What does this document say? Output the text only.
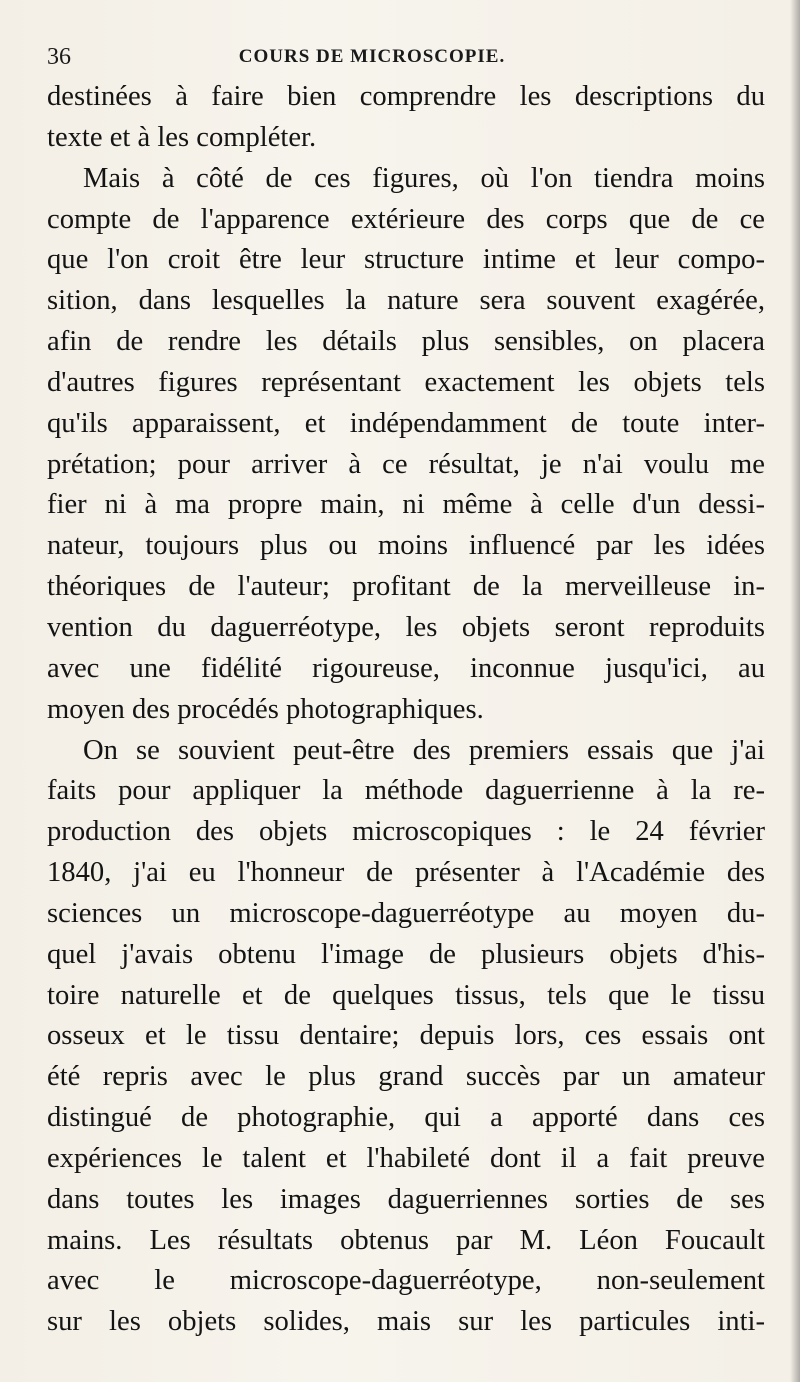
36	COURS DE MICROSCOPIE.
destinées à faire bien comprendre les descriptions du
texte et à les compléter.
Mais à côté de ces figures, où l'on tiendra moins
compte de l'apparence extérieure des corps que de ce
que l'on croit être leur structure intime et leur compo-
sition, dans lesquelles la nature sera souvent exagérée,
afin de rendre les détails plus sensibles, on placera
d'autres figures représentant exactement les objets tels
qu'ils apparaissent, et indépendamment de toute inter-
prétation; pour arriver à ce résultat, je n'ai voulu me
fier ni à ma propre main, ni même à celle d'un dessi-
nateur, toujours plus ou moins influencé par les idées
théoriques de l'auteur; profitant de la merveilleuse in-
vention du daguerréotype, les objets seront reproduits
avec une fidélité rigoureuse, inconnue jusqu'ici, au
moyen des procédés photographiques.
On se souvient peut-être des premiers essais que j'ai
faits pour appliquer la méthode daguerrienne à la re-
production des objets microscopiques : le 24 février
1840, j'ai eu l'honneur de présenter à l'Académie des
sciences un microscope-daguerréotype au moyen du-
quel j'avais obtenu l'image de plusieurs objets d'his-
toire naturelle et de quelques tissus, tels que le tissu
osseux et le tissu dentaire; depuis lors, ces essais ont
été repris avec le plus grand succès par un amateur
distingué de photographie, qui a apporté dans ces
expériences le talent et l'habileté dont il a fait preuve
dans toutes les images daguerriennes sorties de ses
mains. Les résultats obtenus par M. Léon Foucault
avec le microscope-daguerréotype, non-seulement
sur les objets solides, mais sur les particules inti-
